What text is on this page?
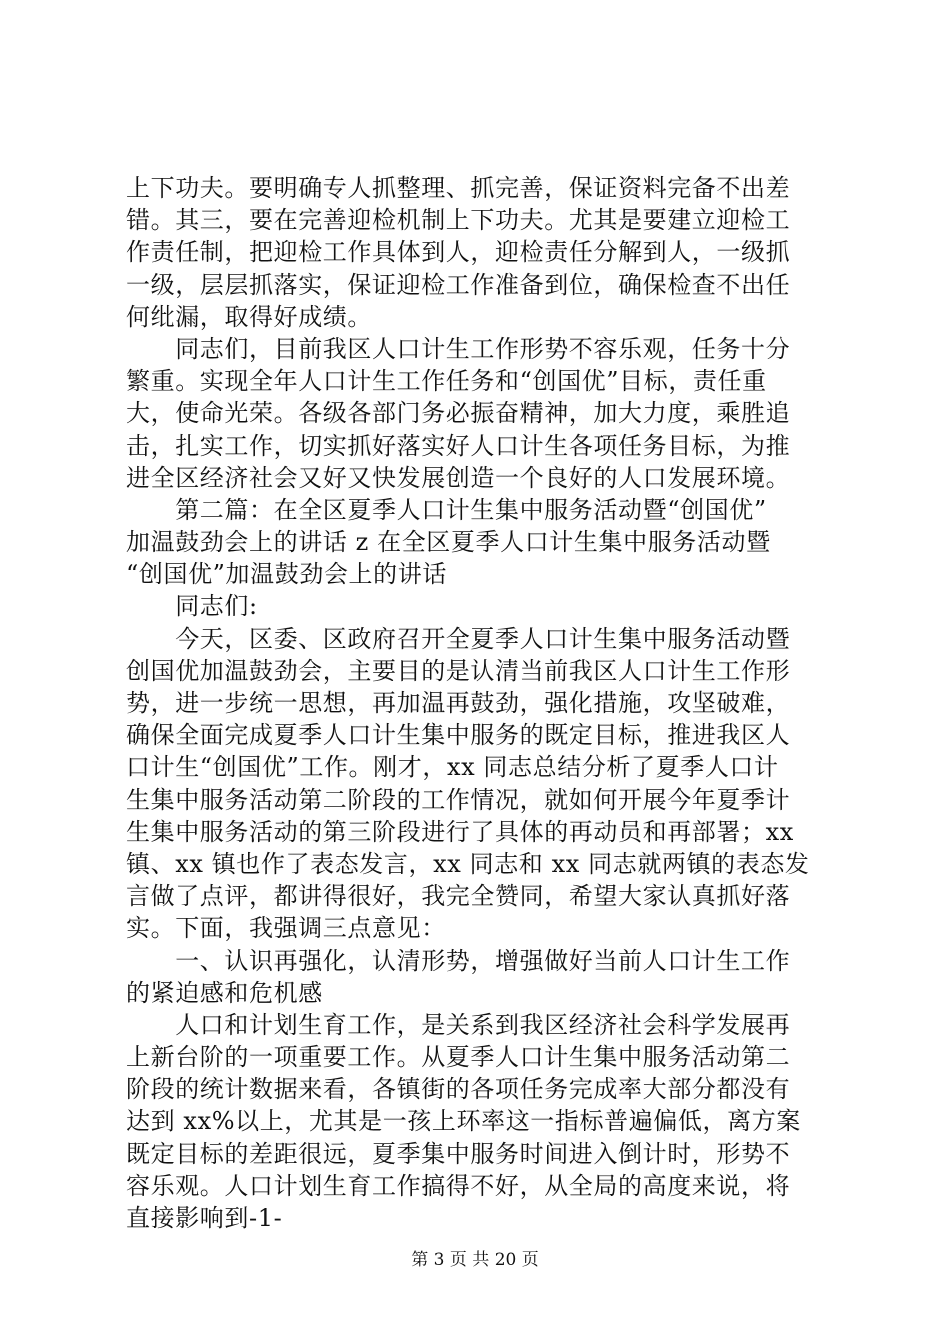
上下功夫。要明确专人抓整理、抓完善，保证资料完备不出差
错。其三，要在完善迎检机制上下功夫。尤其是要建立迎检工
作责任制，把迎检工作具体到人，迎检责任分解到人，一级抓
一级，层层抓落实，保证迎检工作准备到位，确保检查不出任
何纰漏，取得好成绩。
　　同志们，目前我区人口计生工作形势不容乐观，任务十分
繁重。实现全年人口计生工作任务和“创国优”目标，责任重
大，使命光荣。各级各部门务必振奋精神，加大力度，乘胜追
击，扎实工作，切实抓好落实好人口计生各项任务目标，为推
进全区经济社会又好又快发展创造一个良好的人口发展环境。
　　第二篇：在全区夏季人口计生集中服务活动暨“创国优”
加温鼓劲会上的讲话 z 在全区夏季人口计生集中服务活动暨
“创国优”加温鼓劲会上的讲话
　　同志们:
　　今天，区委、区政府召开全夏季人口计生集中服务活动暨
创国优加温鼓劲会，主要目的是认清当前我区人口计生工作形
势，进一步统一思想，再加温再鼓劲，强化措施，攻坚破难，
确保全面完成夏季人口计生集中服务的既定目标，推进我区人
口计生“创国优”工作。刚才，xx 同志总结分析了夏季人口计
生集中服务活动第二阶段的工作情况，就如何开展今年夏季计
生集中服务活动的第三阶段进行了具体的再动员和再部署；xx
镇、xx 镇也作了表态发言，xx 同志和 xx 同志就两镇的表态发
言做了点评，都讲得很好，我完全赞同，希望大家认真抓好落
实。下面，我强调三点意见：
　　一、认识再强化，认清形势，增强做好当前人口计生工作
的紧迫感和危机感
　　人口和计划生育工作，是关系到我区经济社会科学发展再
上新台阶的一项重要工作。从夏季人口计生集中服务活动第二
阶段的统计数据来看，各镇街的各项任务完成率大部分都没有
达到 xx%以上，尤其是一孩上环率这一指标普遍偏低，离方案
既定目标的差距很远，夏季集中服务时间进入倒计时，形势不
容乐观。人口计划生育工作搞得不好，从全局的高度来说，将
直接影响到-1-
第 3 页 共 20 页
